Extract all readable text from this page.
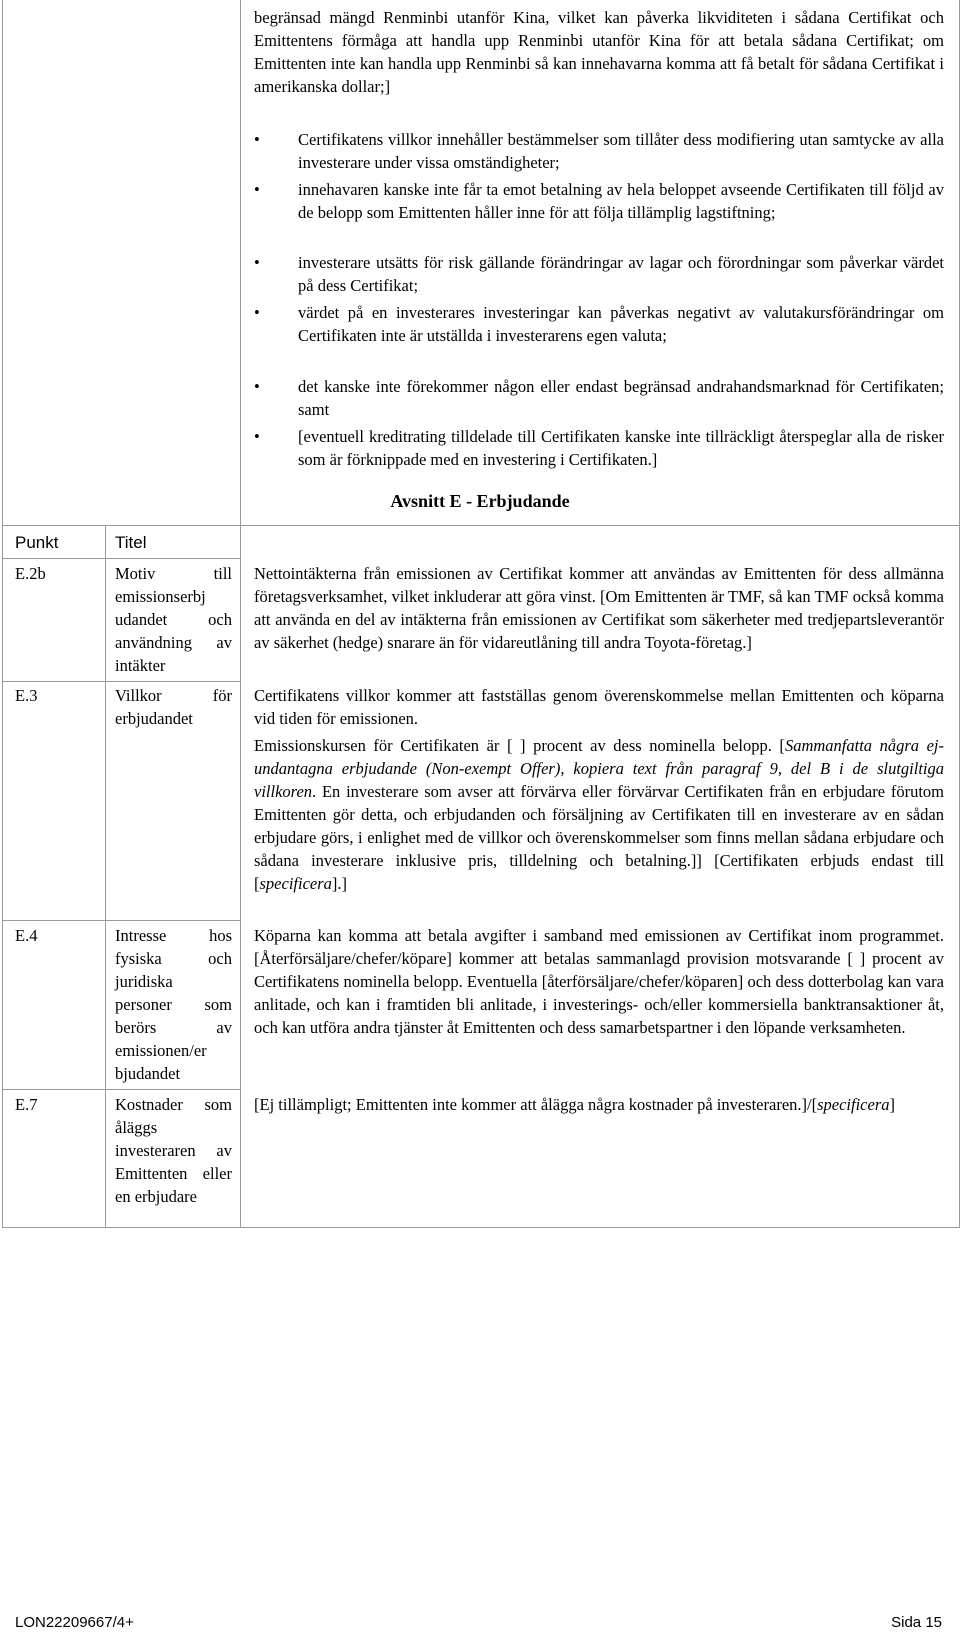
begränsad mängd Renminbi utanför Kina, vilket kan påverka likviditeten i sådana Certifikat och Emittentens förmåga att handla upp Renminbi utanför Kina för att betala sådana Certifikat; om Emittenten inte kan handla upp Renminbi så kan innehavarna komma att få betalt för sådana Certifikat i amerikanska dollar;]
• Certifikatens villkor innehåller bestämmelser som tillåter dess modifiering utan samtycke av alla investerare under vissa omständigheter;
• innehavaren kanske inte får ta emot betalning av hela beloppet avseende Certifikaten till följd av de belopp som Emittenten håller inne för att följa tillämplig lagstiftning;
• investerare utsätts för risk gällande förändringar av lagar och förordningar som påverkar värdet på dess Certifikat;
• värdet på en investerares investeringar kan påverkas negativt av valutakursförändringar om Certifikaten inte är utställda i investerarens egen valuta;
• det kanske inte förekommer någon eller endast begränsad andrahandsmarknad för Certifikaten; samt
• [eventuell kreditrating tilldelade till Certifikaten kanske inte tillräckligt återspeglar alla de risker som är förknippade med en investering i Certifikaten.]
Avsnitt E - Erbjudande
Punkt	Titel
E.2b	Motiv till emissionserbj udandet och användning av intäkter
Nettointäkterna från emissionen av Certifikat kommer att användas av Emittenten för dess allmänna företagsverksamhet, vilket inkluderar att göra vinst. [Om Emittenten är TMF, så kan TMF också komma att använda en del av intäkterna från emissionen av Certifikat som säkerheter med tredjepartsleverantör av säkerhet (hedge) snarare än för vidareutlåning till andra Toyota-företag.]
E.3	Villkor för erbjudandet
Certifikatens villkor kommer att fastställas genom överenskommelse mellan Emittenten och köparna vid tiden för emissionen.
Emissionskursen för Certifikaten är [ ] procent av dess nominella belopp. [Sammanfatta några ej-undantagna erbjudande (Non-exempt Offer), kopiera text från paragraf 9, del B i de slutgiltiga villkoren. En investerare som avser att förvärva eller förvärvar Certifikaten från en erbjudare förutom Emittenten gör detta, och erbjudanden och försäljning av Certifikaten till en investerare av en sådan erbjudare görs, i enlighet med de villkor och överenskommelser som finns mellan sådana erbjudare och sådana investerare inklusive pris, tilldelning och betalning.]] [Certifikaten erbjuds endast till [specificera].]
E.4	Intresse hos fysiska och juridiska personer som berörs av emissionen/er bjudandet
Köparna kan komma att betala avgifter i samband med emissionen av Certifikat inom programmet. [Återförsäljare/chefer/köpare] kommer att betalas sammanlagd provision motsvarande [ ] procent av Certifikatens nominella belopp. Eventuella [återförsäljare/chefer/köparen] och dess dotterbolag kan vara anlitade, och kan i framtiden bli anlitade, i investerings- och/eller kommersiella banktransaktioner åt, och kan utföra andra tjänster åt Emittenten och dess samarbetspartner i den löpande verksamheten.
E.7	Kostnader som åläggs investeraren av Emittenten eller en erbjudare
[Ej tillämpligt; Emittenten inte kommer att ålägga några kostnader på investeraren.]/[specificera]
LON22209667/4+	Sida 15
